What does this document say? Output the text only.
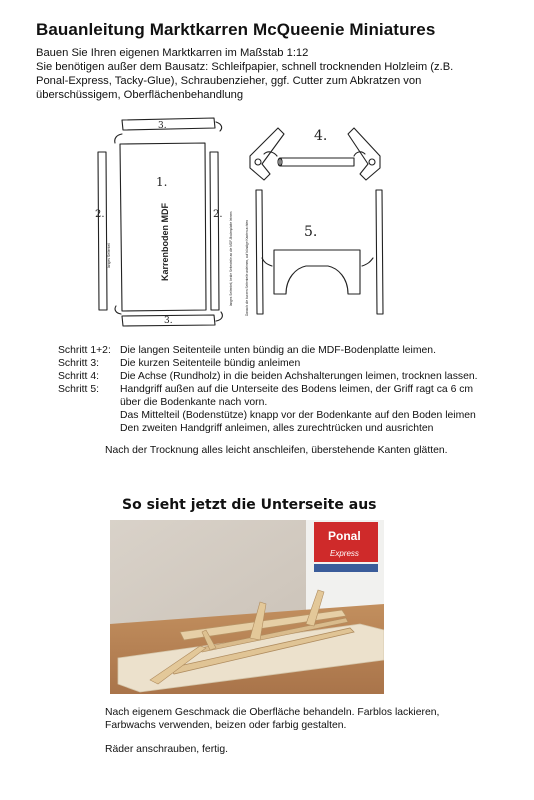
Bauanleitung Marktkarren McQueenie Miniatures
Bauen Sie Ihren eigenen Marktkarren im Maßstab 1:12
Sie benötigen außer dem Bausatz: Schleifpapier, schnell trocknenden Holzleim (z.B.
Ponal-Express, Tacky-Glue), Schraubenzieher, ggf. Cutter zum Abkratzen von
überschüssigem, Oberflächenbehandlung
3.
2.
langes Seitenteil
1.
Karrenboden MDF	2. langes Seitenteil, beide Seitenteile an die MDF-Bodenplatte leimen
3.
4.
Danach die kurzen Seitenteile anleimen, auf bündige Kanten achten	5.
Schritt 1+2: Die langen Seitenteile unten bündig an die MDF-Bodenplatte leimen.
Schritt 3:	Die kurzen Seitenteile bündig anleimen
Schritt 4:	Die Achse (Rundholz) in die beiden Achshalterungen leimen, trocknen lassen.
Schritt 5:	Handgriff außen auf die Unterseite des Bodens leimen, der Griff ragt ca 6 cm
über die Bodenkante nach vorn.
Das Mittelteil (Bodenstütze) knapp vor der Bodenkante auf den Boden leimen
Den zweiten Handgriff anleimen, alles zurechtrücken und ausrichten
Nach der Trocknung alles leicht anschleifen, überstehende Kanten glätten.
So sieht jetzt die Unterseite aus
Ponal
Express
Nach eigenem Geschmack die Oberfläche behandeln. Farblos lackieren,
Farbwachs verwenden, beizen oder farbig gestalten.
Räder anschrauben, fertig.
